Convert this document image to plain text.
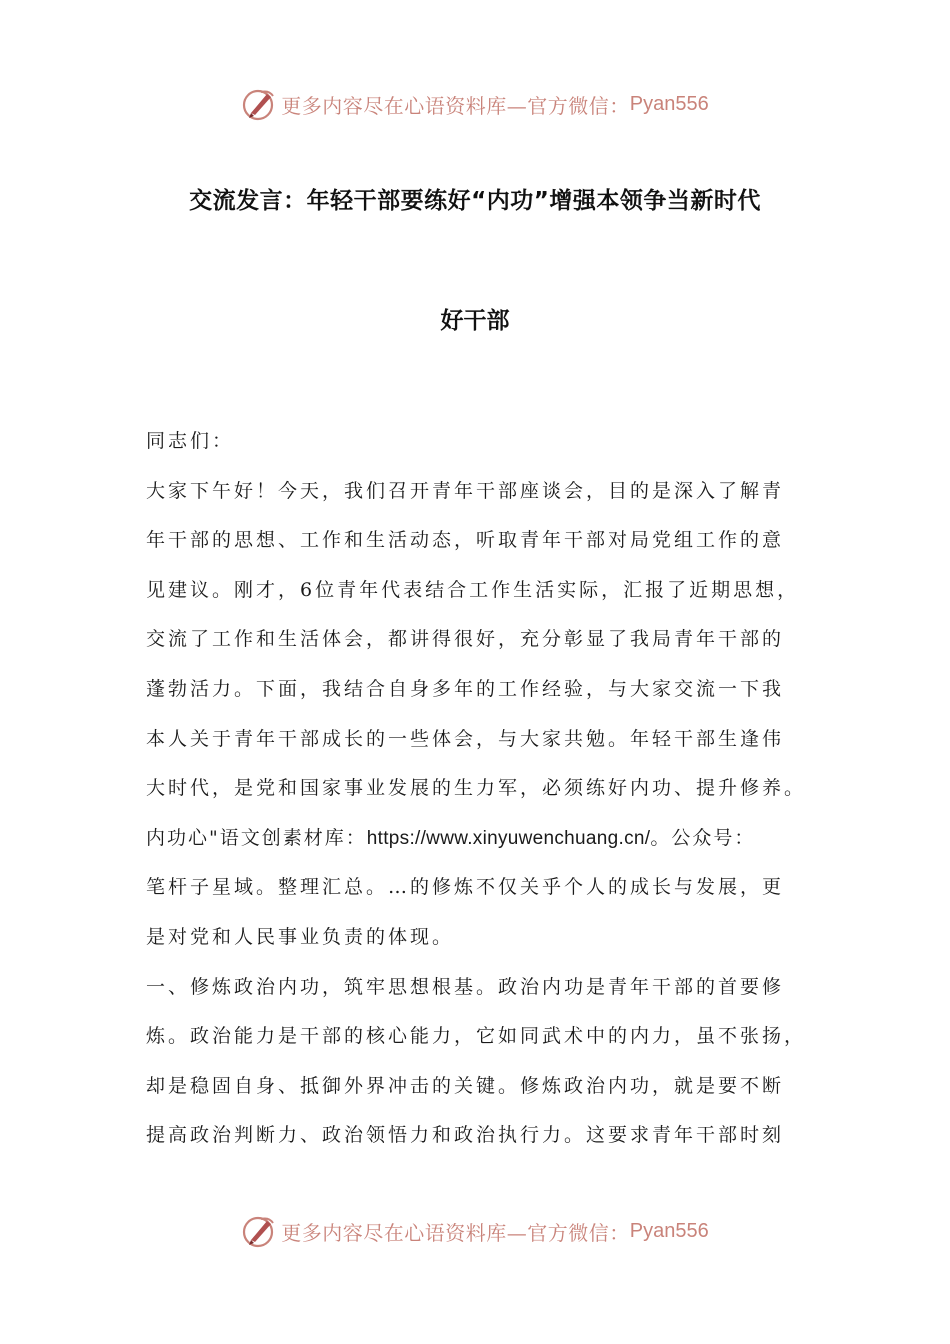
更多内容尽在心语资料库—官方微信： Pyan556
交流发言：年轻干部要练好“内功”增强本领争当新时代
好干部
同志们：
大家下午好！今天，我们召开青年干部座谈会，目的是深入了解青
年干部的思想、工作和生活动态，听取青年干部对局党组工作的意
见建议。刚才，6位青年代表结合工作生活实际，汇报了近期思想，
交流了工作和生活体会，都讲得很好，充分彰显了我局青年干部的
蓬勃活力。下面，我结合自身多年的工作经验，与大家交流一下我
本人关于青年干部成长的一些体会，与大家共勉。年轻干部生逢伟
大时代，是党和国家事业发展的生力军，必须练好内功、提升修养。
内功心"语文创素材库：https://www.xinyuwenchuang.cn/。公众号：
笔杆子星域。整理汇总。…的修炼不仅关乎个人的成长与发展，更
是对党和人民事业负责的体现。
一、修炼政治内功，筑牢思想根基。政治内功是青年干部的首要修
炼。政治能力是干部的核心能力，它如同武术中的内力，虽不张扬，
却是稳固自身、抵御外界冲击的关键。修炼政治内功，就是要不断
提高政治判断力、政治领悟力和政治执行力。这要求青年干部时刻
更多内容尽在心语资料库—官方微信： Pyan556
